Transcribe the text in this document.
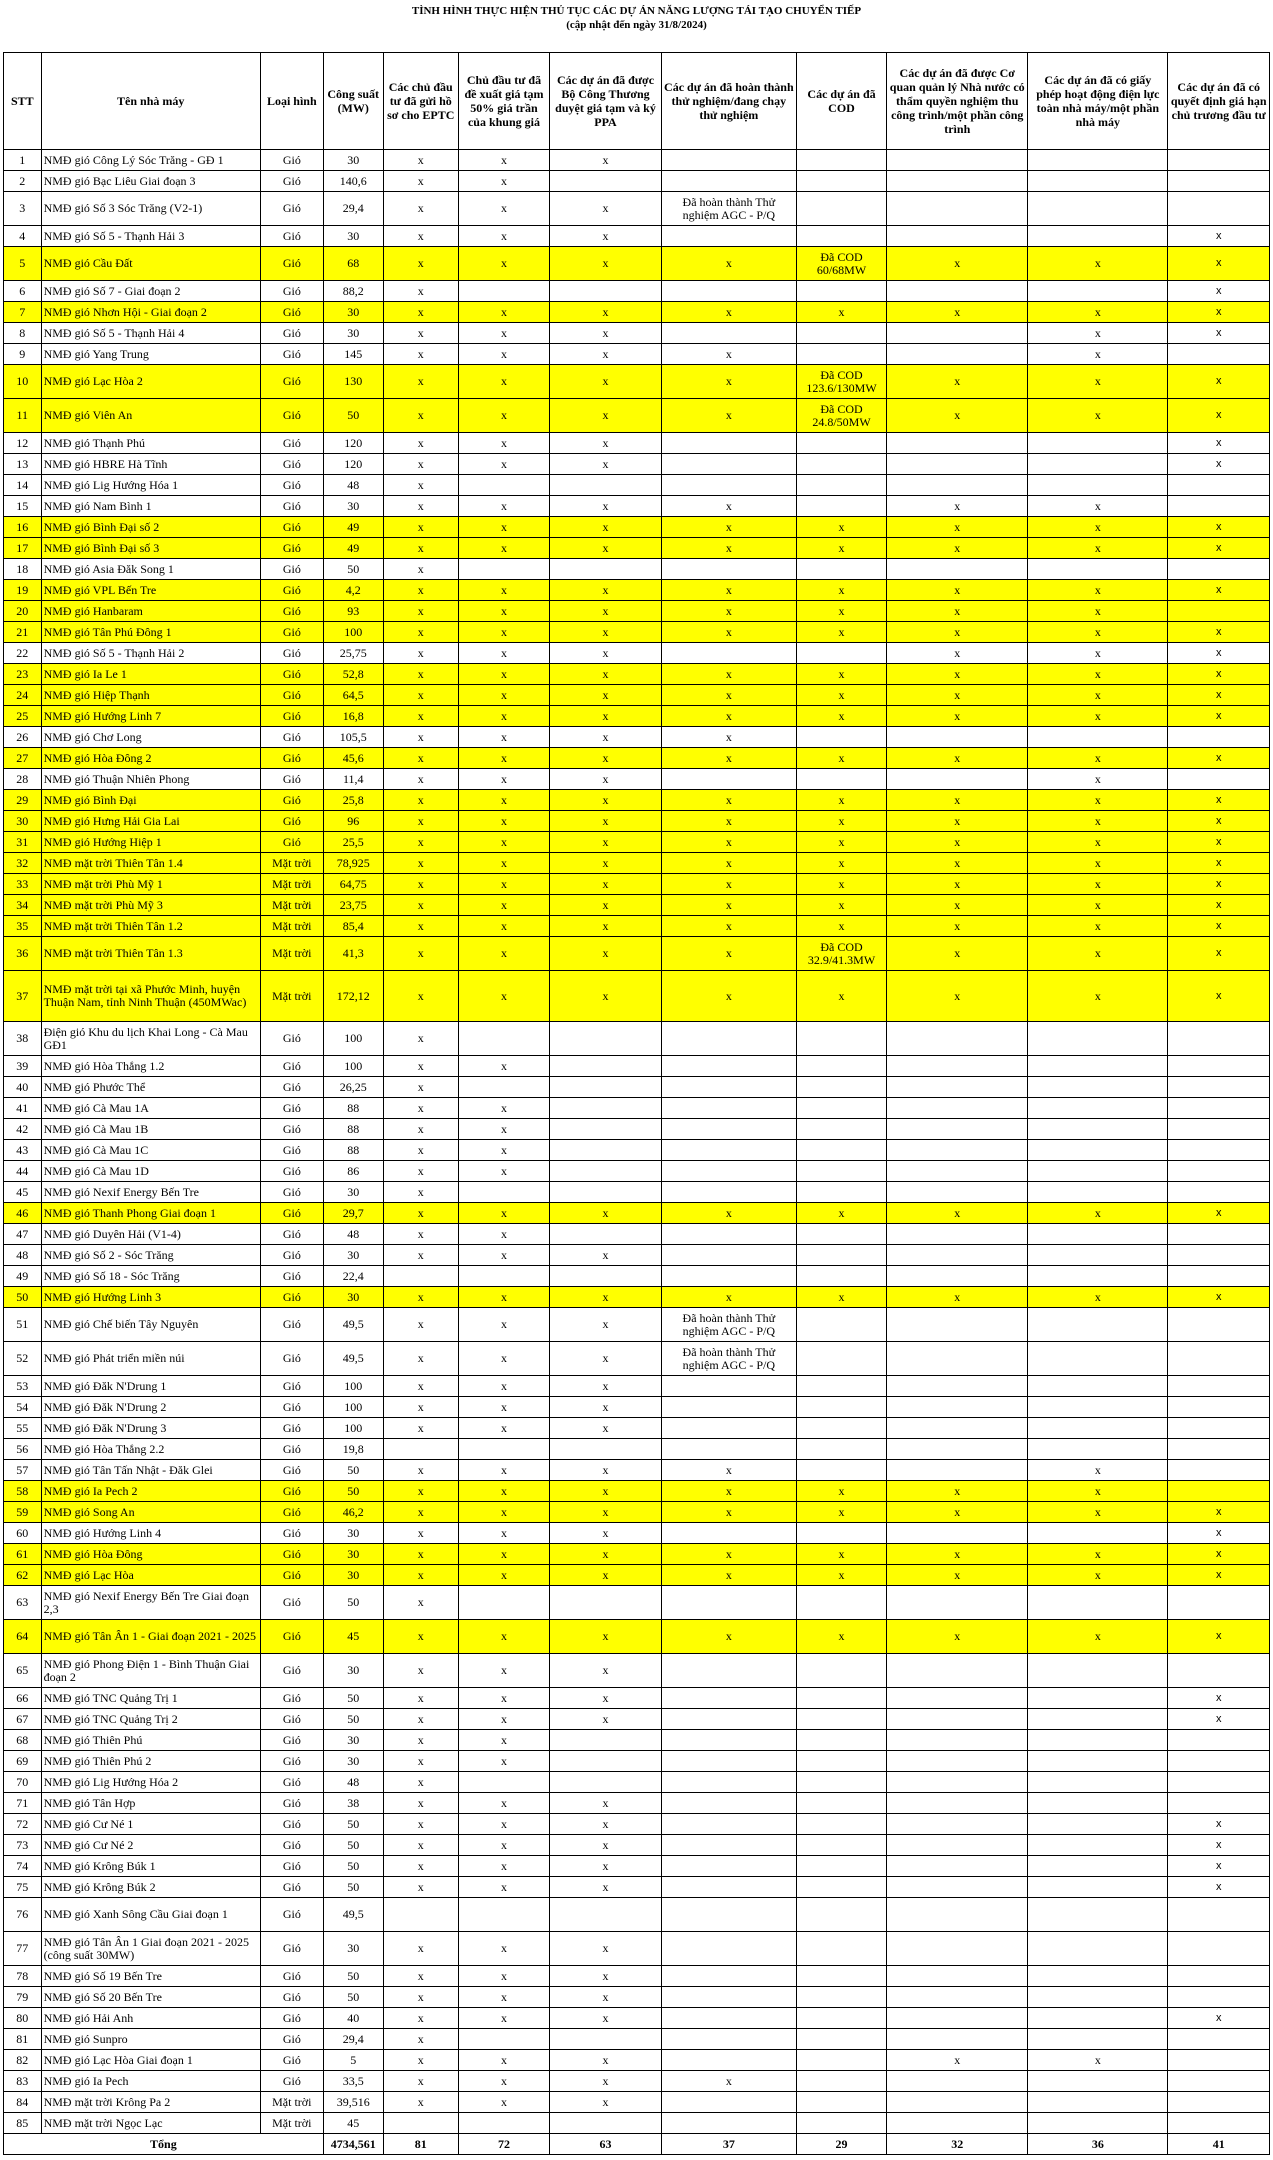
TÌNH HÌNH THỰC HIỆN THỦ TỤC CÁC DỰ ÁN NĂNG LƯỢNG TÁI TẠO CHUYỂN TIẾP
(cập nhật đến ngày 31/8/2024)
STT	Tên nhà máy	Loại hình	Công suất (MW)	Các chủ đầu tư đã gửi hồ sơ cho EPTC	Chủ đầu tư đã đề xuất giá tạm 50% giá trần của khung giá	Các dự án đã được Bộ Công Thương duyệt giá tạm và ký PPA	Các dự án đã hoàn thành thử nghiệm/đang chạy thử nghiệm	Các dự án đã COD	Các dự án đã được Cơ quan quản lý Nhà nước có thẩm quyền nghiệm thu công trình/một phần công trình	Các dự án đã có giấy phép hoạt động điện lực toàn nhà máy/một phần nhà máy	Các dự án đã có quyết định giá hạn chủ trương đầu tư
1	NMĐ gió Công Lý Sóc Trăng - GĐ 1	Gió	30	x	x	x					
2	NMĐ gió Bạc Liêu Giai đoạn 3	Gió	140,6	x	x						
3	NMĐ gió Số 3 Sóc Trăng (V2-1)	Gió	29,4	x	x	x	Đã hoàn thành Thử nghiệm AGC - P/Q				
4	NMĐ gió Số 5 - Thạnh Hải 3	Gió	30	x	x	x					x
5	NMĐ gió Cầu Đất	Gió	68	x	x	x	x	Đã COD 60/68MW	x	x	x
6	NMĐ gió Số 7 - Giai đoạn 2	Gió	88,2	x							x
7	NMĐ gió Nhơn Hội - Giai đoạn 2	Gió	30	x	x	x	x	x	x	x	x
8	NMĐ gió Số 5 - Thạnh Hải 4	Gió	30	x	x	x				x	x
9	NMĐ gió Yang Trung	Gió	145	x	x	x	x			x	
10	NMĐ gió Lạc Hòa 2	Gió	130	x	x	x	x	Đã COD 123.6/130MW	x	x	x
11	NMĐ gió Viên An	Gió	50	x	x	x	x	Đã COD 24.8/50MW	x	x	x
12	NMĐ gió Thạnh Phú	Gió	120	x	x	x					x
13	NMĐ gió HBRE Hà Tĩnh	Gió	120	x	x	x					x
14	NMĐ gió Lig Hướng Hóa 1	Gió	48	x							
15	NMĐ gió Nam Bình 1	Gió	30	x	x	x	x		x	x	
16	NMĐ gió Bình Đại số 2	Gió	49	x	x	x	x	x	x	x	x
17	NMĐ gió Bình Đại số 3	Gió	49	x	x	x	x	x	x	x	x
18	NMĐ gió Asia Đăk Song 1	Gió	50	x							
19	NMĐ gió VPL Bến Tre	Gió	4,2	x	x	x	x	x	x	x	x
20	NMĐ gió Hanbaram	Gió	93	x	x	x	x	x	x	x	
21	NMĐ gió Tân Phú Đông 1	Gió	100	x	x	x	x	x	x	x	x
22	NMĐ gió Số 5 - Thạnh Hải 2	Gió	25,75	x	x	x			x	x	x
23	NMĐ gió Ia Le 1	Gió	52,8	x	x	x	x	x	x	x	x
24	NMĐ gió Hiệp Thạnh	Gió	64,5	x	x	x	x	x	x	x	x
25	NMĐ gió Hướng Linh 7	Gió	16,8	x	x	x	x	x	x	x	x
26	NMĐ gió Chơ Long	Gió	105,5	x	x	x	x				
27	NMĐ gió Hòa Đông 2	Gió	45,6	x	x	x	x	x	x	x	x
28	NMĐ gió Thuận Nhiên Phong	Gió	11,4	x	x	x				x	
29	NMĐ gió Bình Đại	Gió	25,8	x	x	x	x	x	x	x	x
30	NMĐ gió Hưng Hải Gia Lai	Gió	96	x	x	x	x	x	x	x	x
31	NMĐ gió Hướng Hiệp 1	Gió	25,5	x	x	x	x	x	x	x	x
32	NMĐ mặt trời Thiên Tân 1.4	Mặt trời	78,925	x	x	x	x	x	x	x	x
33	NMĐ mặt trời Phù Mỹ 1	Mặt trời	64,75	x	x	x	x	x	x	x	x
34	NMĐ mặt trời Phù Mỹ 3	Mặt trời	23,75	x	x	x	x	x	x	x	x
35	NMĐ mặt trời Thiên Tân 1.2	Mặt trời	85,4	x	x	x	x	x	x	x	x
36	NMĐ mặt trời Thiên Tân 1.3	Mặt trời	41,3	x	x	x	x	Đã COD 32.9/41.3MW	x	x	x
37	NMĐ mặt trời tại xã Phước Minh, huyện Thuận Nam, tỉnh Ninh Thuận (450MWac)	Mặt trời	172,12	x	x	x	x	x	x	x	x
38	Điện gió Khu du lịch Khai Long - Cà Mau GĐ1	Gió	100	x							
39	NMĐ gió Hòa Thắng 1.2	Gió	100	x	x						
40	NMĐ gió Phước Thể	Gió	26,25	x							
41	NMĐ gió Cà Mau 1A	Gió	88	x	x						
42	NMĐ gió Cà Mau 1B	Gió	88	x	x						
43	NMĐ gió Cà Mau 1C	Gió	88	x	x						
44	NMĐ gió Cà Mau 1D	Gió	86	x	x						
45	NMĐ gió Nexif Energy Bến Tre	Gió	30	x							
46	NMĐ gió Thanh Phong Giai đoạn 1	Gió	29,7	x	x	x	x	x	x	x	x
47	NMĐ gió Duyên Hải (V1-4)	Gió	48	x	x						
48	NMĐ gió Số 2 - Sóc Trăng	Gió	30	x	x	x					
49	NMĐ gió Số 18 - Sóc Trăng	Gió	22,4								
50	NMĐ gió Hướng Linh 3	Gió	30	x	x	x	x	x	x	x	x
51	NMĐ gió Chế biến Tây Nguyên	Gió	49,5	x	x	x	Đã hoàn thành Thử nghiệm AGC - P/Q				
52	NMĐ gió Phát triển miền núi	Gió	49,5	x	x	x	Đã hoàn thành Thử nghiệm AGC - P/Q				
53	NMĐ gió Đăk N'Drung 1	Gió	100	x	x	x					
54	NMĐ gió Đăk N'Drung 2	Gió	100	x	x	x					
55	NMĐ gió Đăk N'Drung 3	Gió	100	x	x	x					
56	NMĐ gió Hòa Thắng 2.2	Gió	19,8								
57	NMĐ gió Tân Tấn Nhật - Đăk Glei	Gió	50	x	x	x	x			x	
58	NMĐ gió Ia Pech 2	Gió	50	x	x	x	x	x	x	x	
59	NMĐ gió Song An	Gió	46,2	x	x	x	x	x	x	x	x
60	NMĐ gió Hướng Linh 4	Gió	30	x	x	x					x
61	NMĐ gió Hòa Đông	Gió	30	x	x	x	x	x	x	x	x
62	NMĐ gió Lạc Hòa	Gió	30	x	x	x	x	x	x	x	x
63	NMĐ gió Nexif Energy Bến Tre Giai đoạn 2,3	Gió	50	x							
64	NMĐ gió Tân Ân 1 - Giai đoạn 2021 - 2025	Gió	45	x	x	x	x	x	x	x	x
65	NMĐ gió Phong Điện 1 - Bình Thuận Giai đoạn 2	Gió	30	x	x	x					
66	NMĐ gió TNC Quảng Trị 1	Gió	50	x	x	x					x
67	NMĐ gió TNC Quảng Trị 2	Gió	50	x	x	x					x
68	NMĐ gió Thiên Phú	Gió	30	x	x						
69	NMĐ gió Thiên Phú 2	Gió	30	x	x						
70	NMĐ gió Lig Hướng Hóa 2	Gió	48	x							
71	NMĐ gió Tân Hợp	Gió	38	x	x	x					
72	NMĐ gió Cư Né 1	Gió	50	x	x	x					x
73	NMĐ gió Cư Né 2	Gió	50	x	x	x					x
74	NMĐ gió Krông Búk 1	Gió	50	x	x	x					x
75	NMĐ gió Krông Búk 2	Gió	50	x	x	x					x
76	NMĐ gió Xanh Sông Cầu Giai đoạn 1	Gió	49,5								
77	NMĐ gió Tân Ân 1 Giai đoạn 2021 - 2025 (công suất 30MW)	Gió	30	x	x	x					
78	NMĐ gió Số 19 Bến Tre	Gió	50	x	x	x					
79	NMĐ gió Số 20 Bến Tre	Gió	50	x	x	x					
80	NMĐ gió Hải Anh	Gió	40	x	x	x					x
81	NMĐ gió Sunpro	Gió	29,4	x							
82	NMĐ gió Lạc Hòa Giai đoạn 1	Gió	5	x	x	x			x	x	
83	NMĐ gió Ia Pech	Gió	33,5	x	x	x	x				
84	NMĐ mặt trời Krông Pa 2	Mặt trời	39,516	x	x	x					
85	NMĐ mặt trời Ngọc Lạc	Mặt trời	45								
Tổng			4734,561	81	72	63	37	29	32	36	41
